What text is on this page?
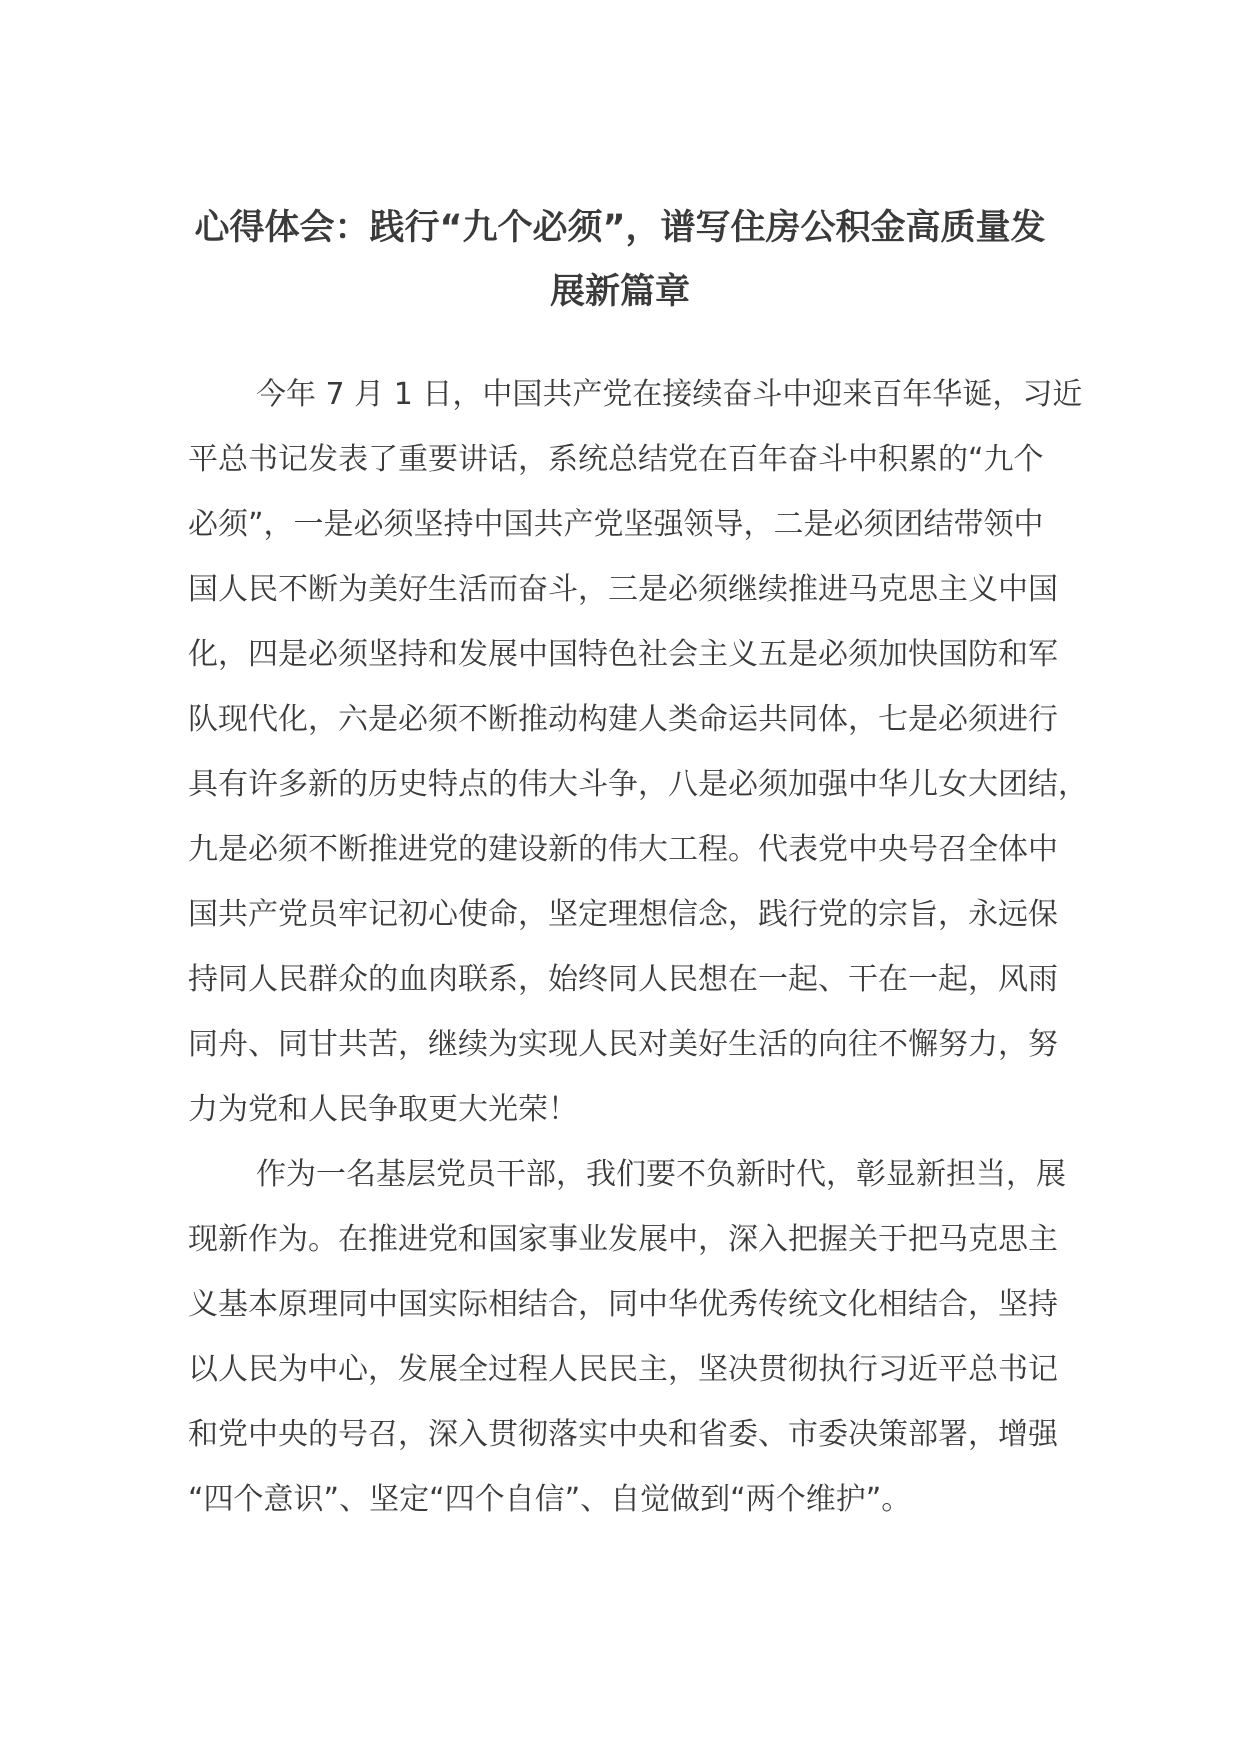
心得体会：践行“九个必须”，谱写住房公积金高质量发
展新篇章
今年 7 月 1 日，中国共产党在接续奋斗中迎来百年华诞，习近
平总书记发表了重要讲话，系统总结党在百年奋斗中积累的“九个
必须”，一是必须坚持中国共产党坚强领导，二是必须团结带领中
国人民不断为美好生活而奋斗，三是必须继续推进马克思主义中国
化，四是必须坚持和发展中国特色社会主义五是必须加快国防和军
队现代化，六是必须不断推动构建人类命运共同体，七是必须进行
具有许多新的历史特点的伟大斗争，八是必须加强中华儿女大团结，
九是必须不断推进党的建设新的伟大工程。代表党中央号召全体中
国共产党员牢记初心使命，坚定理想信念，践行党的宗旨，永远保
持同人民群众的血肉联系，始终同人民想在一起、干在一起，风雨
同舟、同甘共苦，继续为实现人民对美好生活的向往不懈努力，努
力为党和人民争取更大光荣！
作为一名基层党员干部，我们要不负新时代，彰显新担当，展
现新作为。在推进党和国家事业发展中，深入把握关于把马克思主
义基本原理同中国实际相结合，同中华优秀传统文化相结合，坚持
以人民为中心，发展全过程人民民主，坚决贯彻执行习近平总书记
和党中央的号召，深入贯彻落实中央和省委、市委决策部署，增强
“四个意识”、坚定“四个自信”、自觉做到“两个维护”。
